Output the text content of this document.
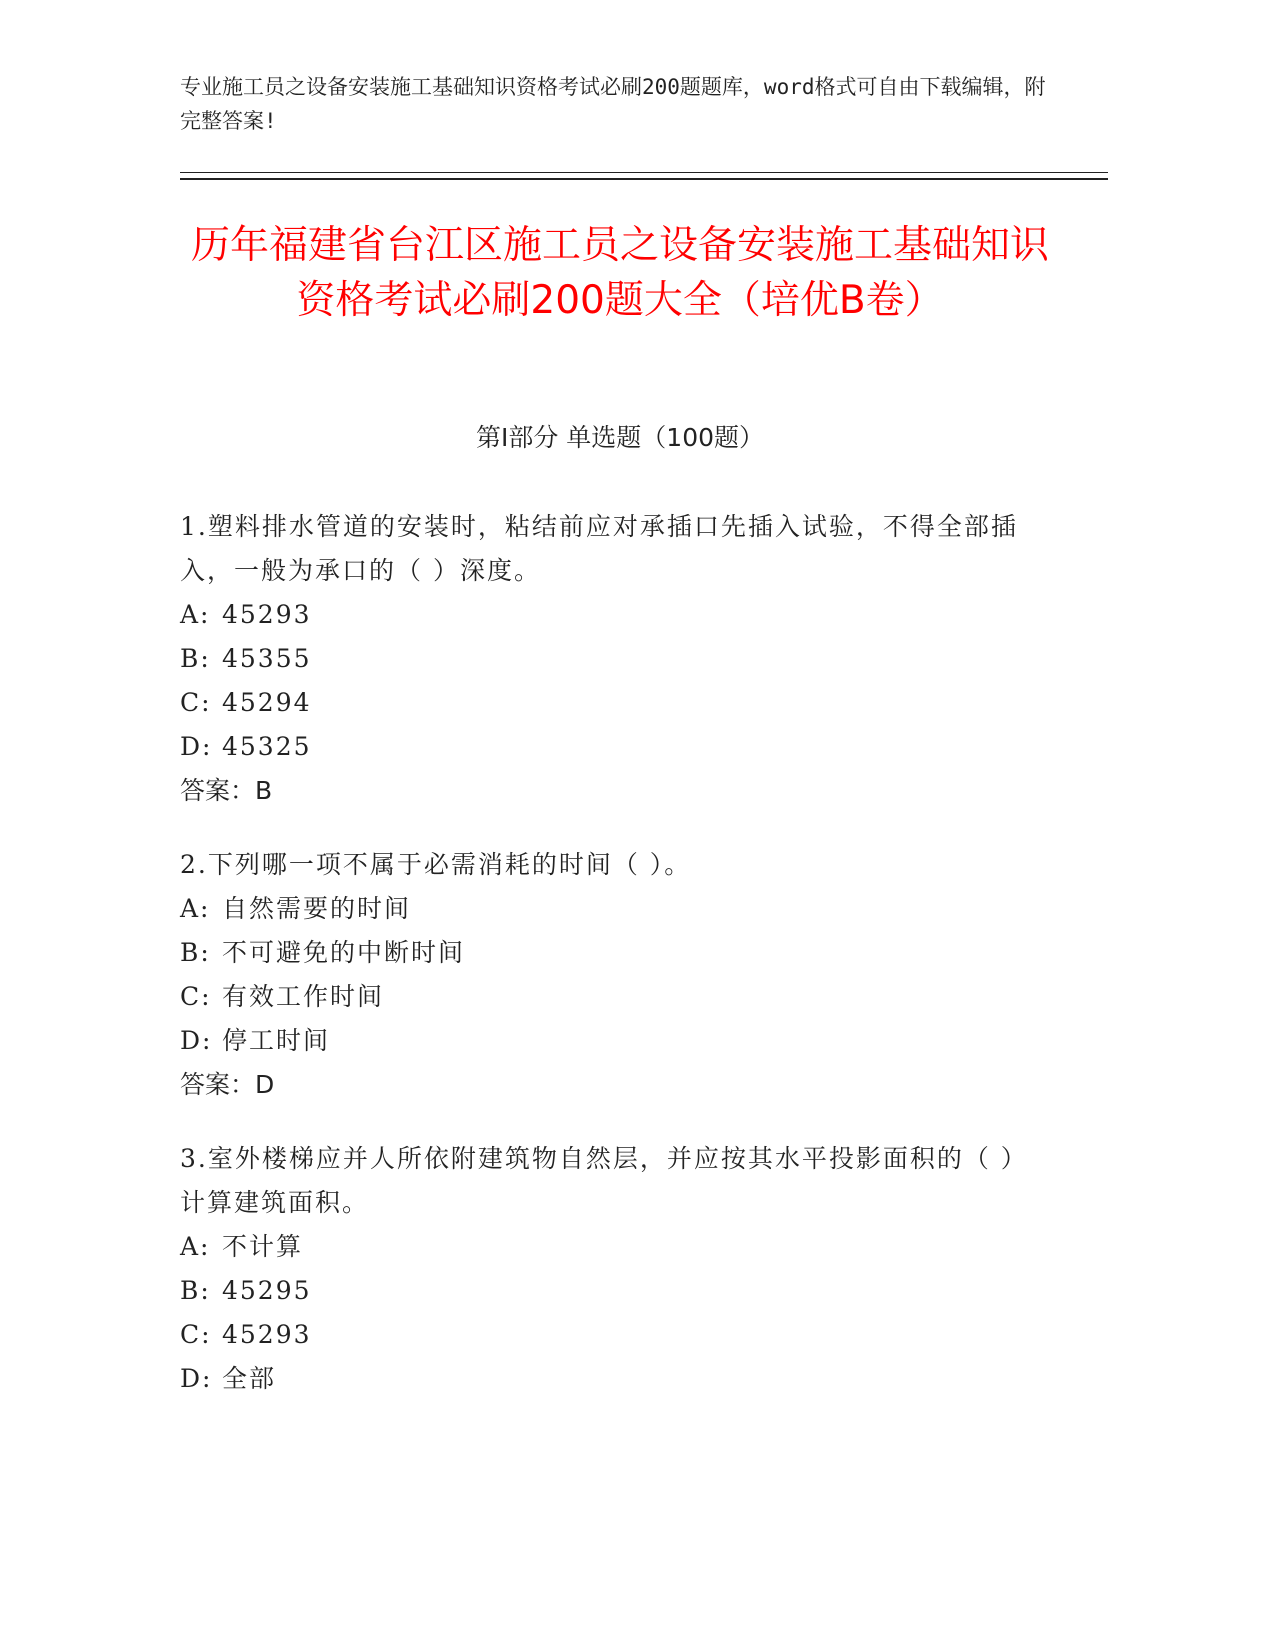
专业施工员之设备安装施工基础知识资格考试必刷200题题库，word格式可自由下载编辑，附完整答案!
历年福建省台江区施工员之设备安装施工基础知识资格考试必刷200题大全（培优B卷）
第Ⅰ部分 单选题（100题）

1.塑料排水管道的安装时，粘结前应对承插口先插入试验，不得全部插入，一般为承口的（ ）深度。

A: 45293

B: 45355

C: 45294

D: 45325

答案：B

2.下列哪一项不属于必需消耗的时间（ ）。

A: 自然需要的时间

B: 不可避免的中断时间

C: 有效工作时间

D: 停工时间

答案：D

3.室外楼梯应并人所依附建筑物自然层，并应按其水平投影面积的（ ）计算建筑面积。

A: 不计算

B: 45295

C: 45293

D: 全部
